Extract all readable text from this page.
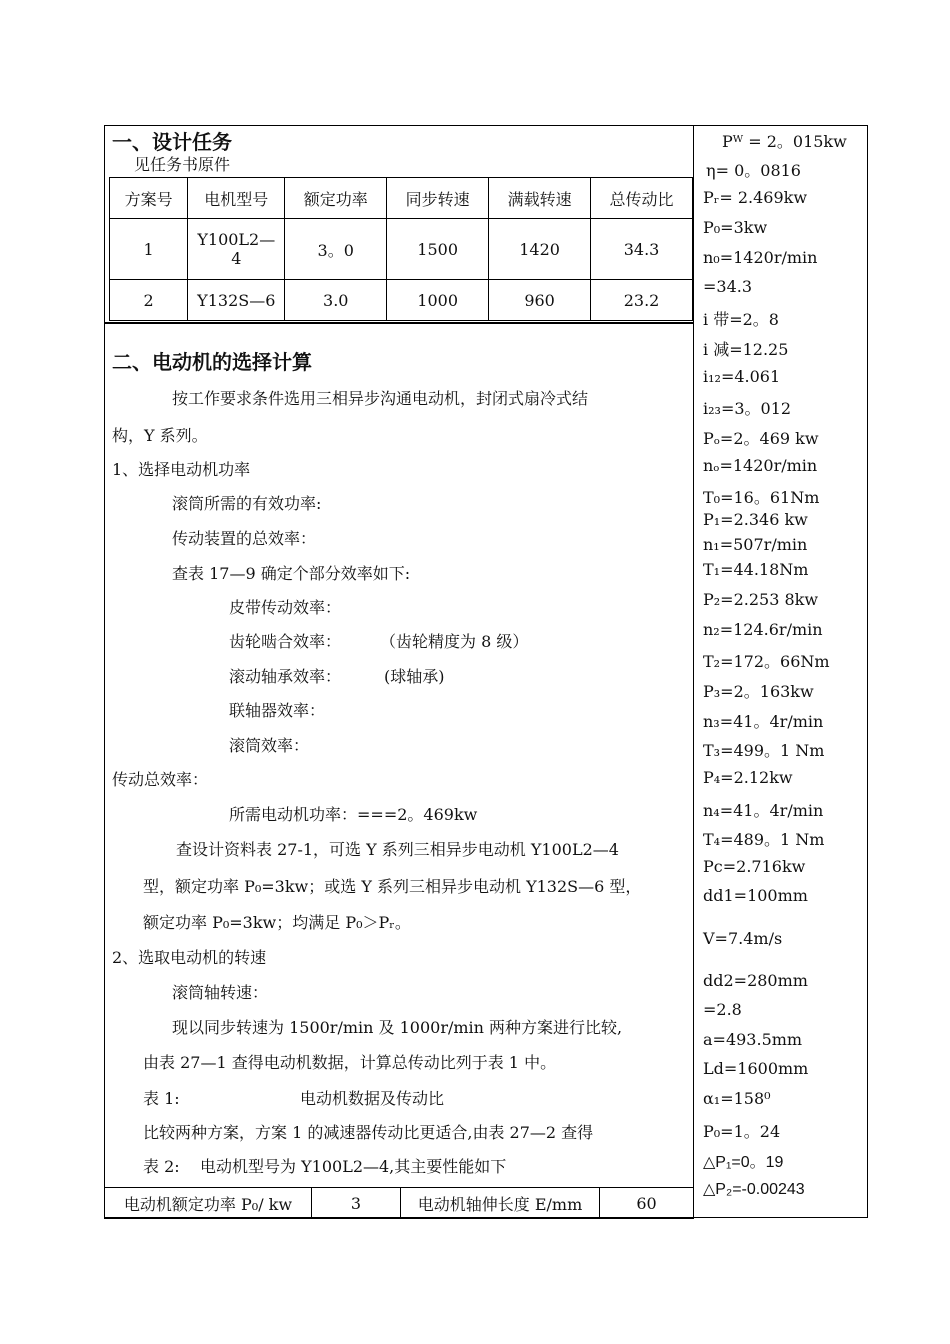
一、设计任务
见任务书原件
方案号	电机型号	额定功率	同步转速	满载转速	总传动比
1	Y100L2—4	3。0	1500	1420	34.3
2	Y132S—6	3.0	1000	960	23.2
二、电动机的选择计算
按工作要求条件选用三相异步沟通电动机，封闭式扇冷式结
构，Y 系列。
1、选择电动机功率
滚筒所需的有效功率:
传动装置的总效率：
查表 17—9 确定个部分效率如下:
皮带传动效率：
齿轮啮合效率： （齿轮精度为 8 级）
滚动轴承效率：	(球轴承)
联轴器效率：
滚筒效率：
传动总效率：
所需电动机功率：===2。469kw
查设计资料表 27-1，可选 Y 系列三相异步电动机 Y100L2—4
型，额定功率 P₀=3kw；或选 Y 系列三相异步电动机 Y132S—6 型，
额定功率 P₀=3kw；均满足 P₀＞Pᵣ。
2、选取电动机的转速
滚筒轴转速：
现以同步转速为 1500r/min 及 1000r/min 两种方案进行比较,
由表 27—1 查得电动机数据，计算总传动比列于表 1 中。
表 1:	电动机数据及传动比
比较两种方案，方案 1 的减速器传动比更适合,由表 27—2 查得
表 2:    电动机型号为 Y100L2—4,其主要性能如下
电动机额定功率 P₀/ kw	3	电动机轴伸长度 E/mm	60
Pᵂ = 2。015kw
η= 0。0816
Pᵣ= 2.469kw
P₀=3kw
n₀=1420r/min
=34.3
i 带=2。8
i 减=12.25
i₁₂=4.061
i₂₃=3。012
Pₒ=2。469 kw
nₒ=1420r/min
T₀=16。61Nm
P₁=2.346 kw
n₁=507r/min
T₁=44.18Nm
P₂=2.253 8kw
n₂=124.6r/min
T₂=172。66Nm
P₃=2。163kw
n₃=41。4r/min
T₃=499。1 Nm
P₄=2.12kw
n₄=41。4r/min
T₄=489。1 Nm
Pc=2.716kw
dd1=100mm
V=7.4m/s
dd2=280mm
=2.8
a=493.5mm
Ld=1600mm
α₁=158⁰
P₀=1。24
△P₁=0。19
△P₂=-0.00243
